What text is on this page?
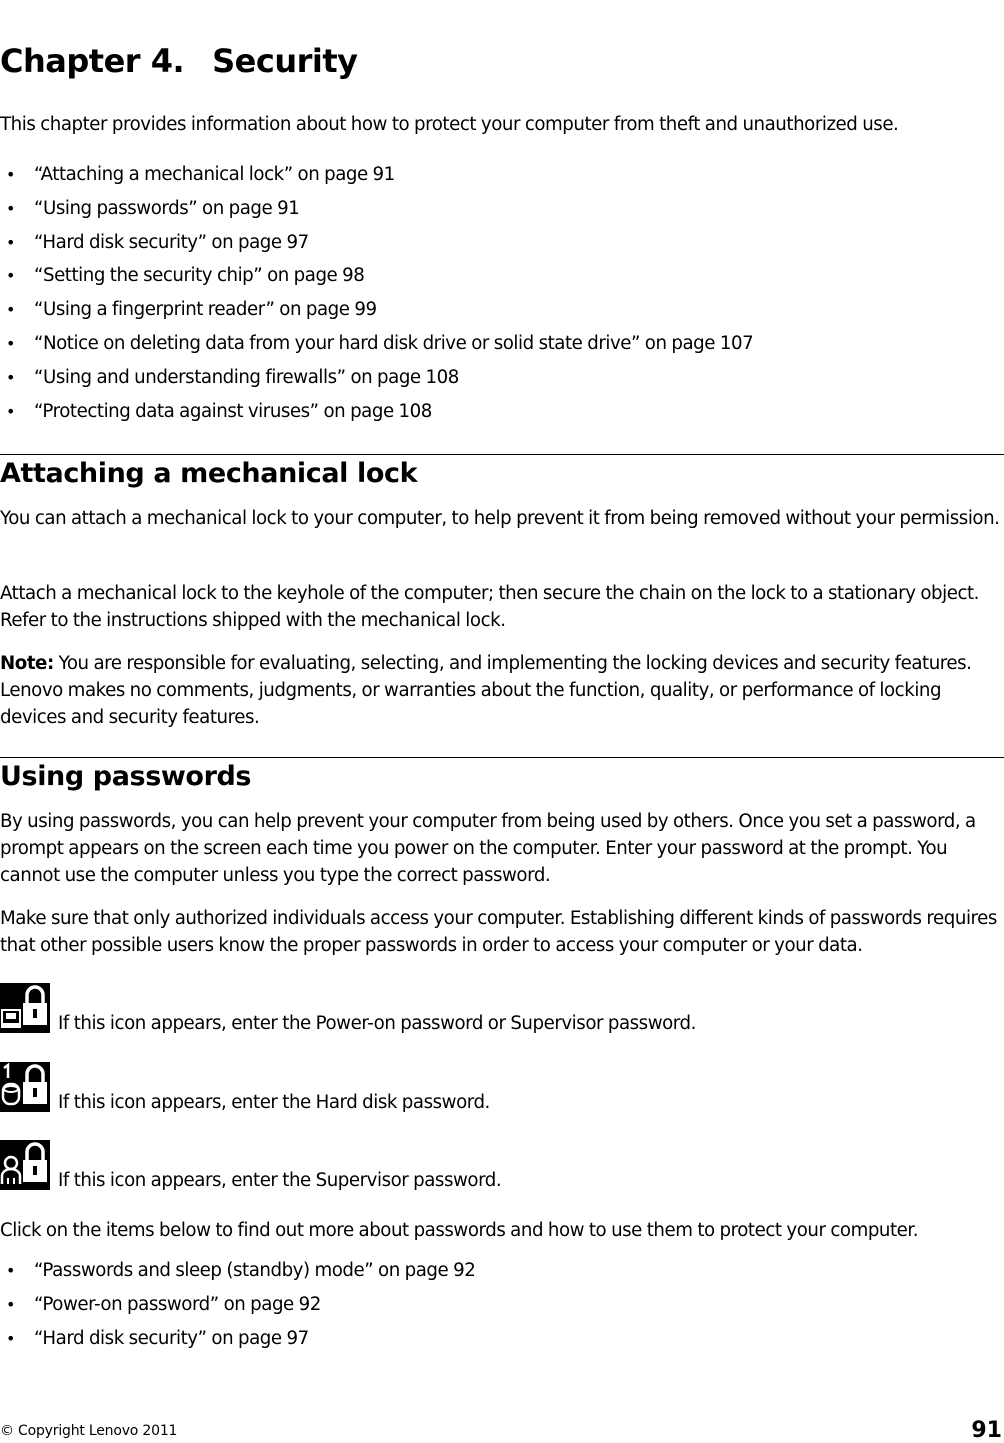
Chapter 4. Security

This chapter provides information about how to protect your computer from theft and unauthorized use.

• “Attaching a mechanical lock” on page 91
• “Using passwords” on page 91
• “Hard disk security” on page 97
• “Setting the security chip” on page 98
• “Using a fingerprint reader” on page 99
• “Notice on deleting data from your hard disk drive or solid state drive” on page 107
• “Using and understanding firewalls” on page 108
• “Protecting data against viruses” on page 108
Attaching a mechanical lock

You can attach a mechanical lock to your computer, to help prevent it from being removed without your permission.

Attach a mechanical lock to the keyhole of the computer; then secure the chain on the lock to a stationary object. Refer to the instructions shipped with the mechanical lock.

Note: You are responsible for evaluating, selecting, and implementing the locking devices and security features. Lenovo makes no comments, judgments, or warranties about the function, quality, or performance of locking devices and security features.

Using passwords

By using passwords, you can help prevent your computer from being used by others. Once you set a password, a prompt appears on the screen each time you power on the computer. Enter your password at the prompt. You cannot use the computer unless you type the correct password.

Make sure that only authorized individuals access your computer. Establishing different kinds of passwords requires that other possible users know the proper passwords in order to access your computer or your data.

If this icon appears, enter the Power-on password or Supervisor password.
If this icon appears, enter the Hard disk password.
If this icon appears, enter the Supervisor password.

Click on the items below to find out more about passwords and how to use them to protect your computer.

• “Passwords and sleep (standby) mode” on page 92
• “Power-on password” on page 92
• “Hard disk security” on page 97
© Copyright Lenovo 2011	91
